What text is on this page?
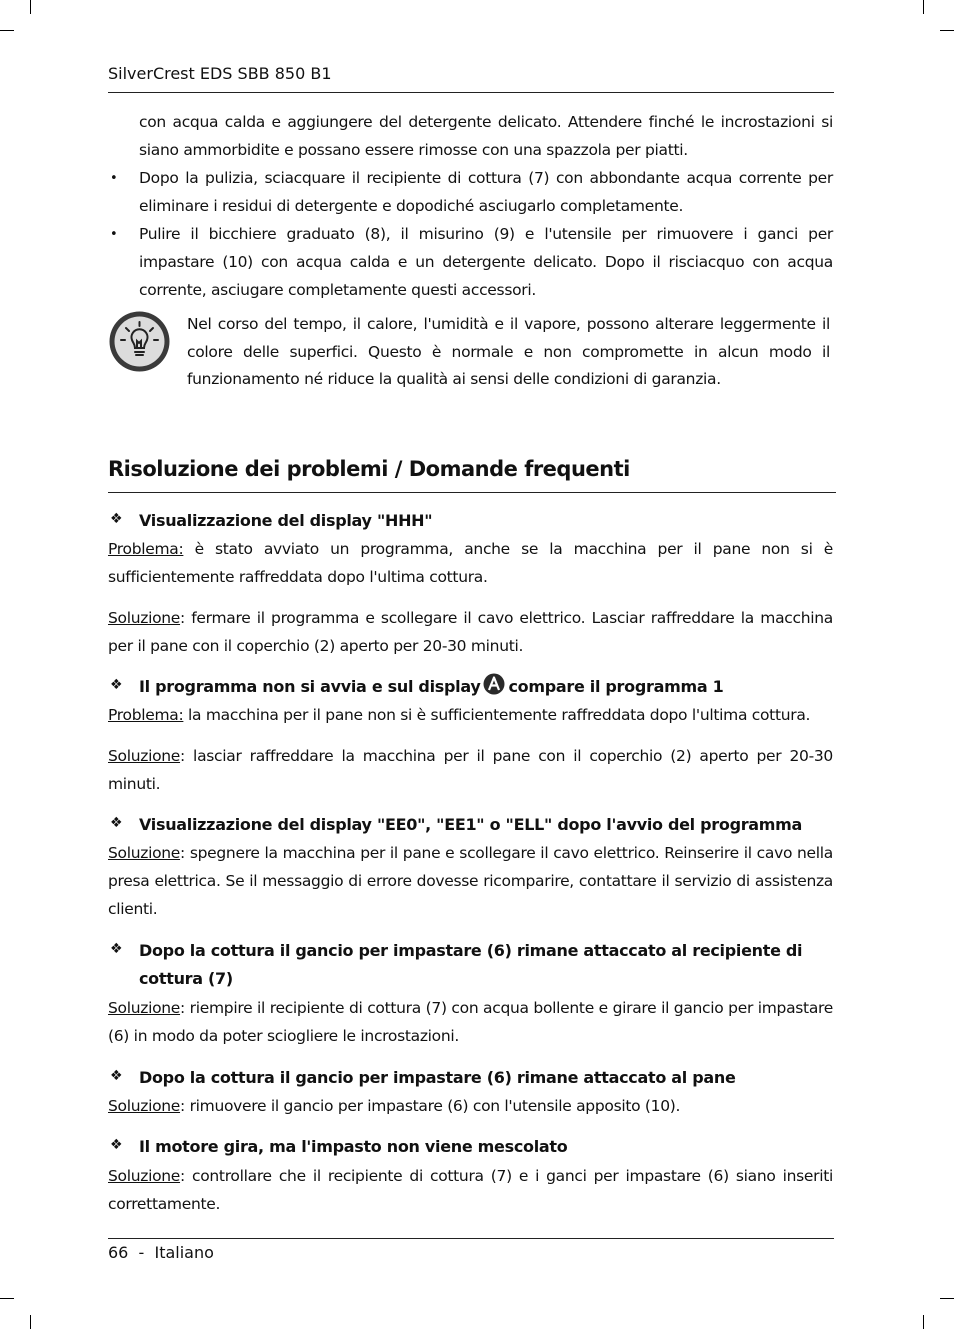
SilverCrest EDS SBB 850 B1

con acqua calda e aggiungere del detergente delicato. Attendere finché le incrostazioni si siano ammorbidite e possano essere rimosse con una spazzola per piatti.

• Dopo la pulizia, sciacquare il recipiente di cottura (7) con abbondante acqua corrente per eliminare i residui di detergente e dopodiché asciugarlo completamente.

• Pulire il bicchiere graduato (8), il misurino (9) e l'utensile per rimuovere i ganci per impastare (10) con acqua calda e un detergente delicato. Dopo il risciacquo con acqua corrente, asciugare completamente questi accessori.

Nel corso del tempo, il calore, l'umidità e il vapore, possono alterare leggermente il colore delle superfici. Questo è normale e non compromette in alcun modo il funzionamento né riduce la qualità ai sensi delle condizioni di garanzia.

Risoluzione dei problemi / Domande frequenti
❖ Visualizzazione del display "HHH"

Problema: è stato avviato un programma, anche se la macchina per il pane non si è sufficientemente raffreddata dopo l'ultima cottura.

Soluzione: fermare il programma e scollegare il cavo elettrico. Lasciar raffreddare la macchina per il pane con il coperchio (2) aperto per 20-30 minuti.

❖ Il programma non si avvia e sul display compare il programma 1

Problema: la macchina per il pane non si è sufficientemente raffreddata dopo l'ultima cottura.

Soluzione: lasciar raffreddare la macchina per il pane con il coperchio (2) aperto per 20-30 minuti.

❖ Visualizzazione del display "EE0", "EE1" o "ELL" dopo l'avvio del programma

Soluzione: spegnere la macchina per il pane e scollegare il cavo elettrico. Reinserire il cavo nella presa elettrica. Se il messaggio di errore dovesse ricomparire, contattare il servizio di assistenza clienti.

❖ Dopo la cottura il gancio per impastare (6) rimane attaccato al recipiente di cottura (7)

Soluzione: riempire il recipiente di cottura (7) con acqua bollente e girare il gancio per impastare (6) in modo da poter sciogliere le incrostazioni.

❖ Dopo la cottura il gancio per impastare (6) rimane attaccato al pane

Soluzione: rimuovere il gancio per impastare (6) con l'utensile apposito (10).

❖ Il motore gira, ma l'impasto non viene mescolato

Soluzione: controllare che il recipiente di cottura (7) e i ganci per impastare (6) siano inseriti correttamente.

66 - Italiano
